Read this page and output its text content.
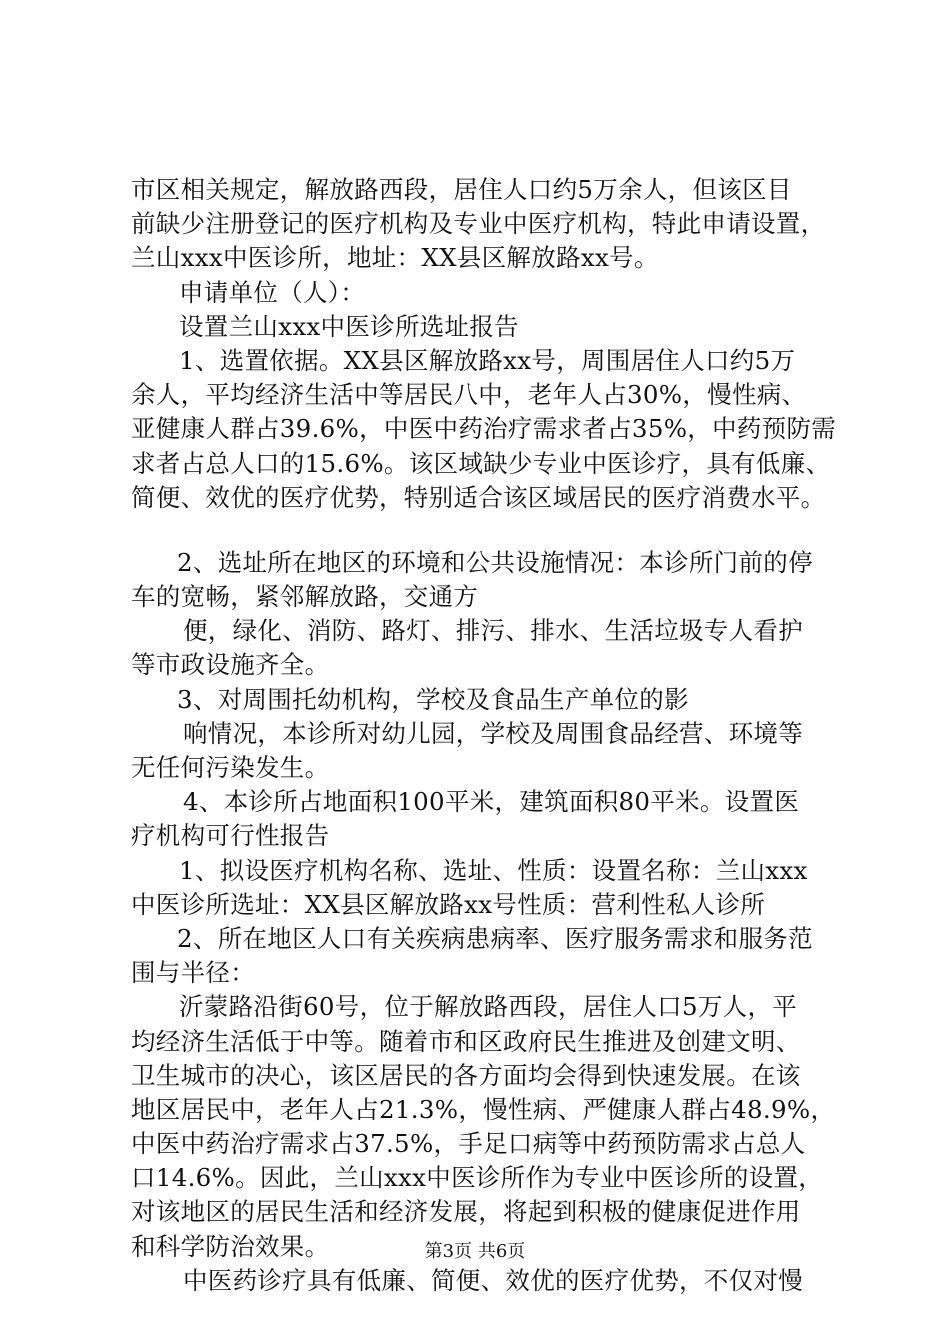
市区相关规定，解放路西段，居住人口约5万余人，但该区目
前缺少注册登记的医疗机构及专业中医疗机构，特此申请设置，
兰山xxx中医诊所，地址：XX县区解放路xx号。
申请单位（人）：
设置兰山xxx中医诊所选址报告
1、选置依据。XX县区解放路xx号，周围居住人口约5万
余人，平均经济生活中等居民八中，老年人占30%，慢性病、
亚健康人群占39.6%，中医中药治疗需求者占35%，中药预防需
求者占总人口的15.6%。该区域缺少专业中医诊疗，具有低廉、
简便、效优的医疗优势，特别适合该区域居民的医疗消费水平。
2、选址所在地区的环境和公共设施情况：本诊所门前的停
车的宽畅，紧邻解放路，交通方
便，绿化、消防、路灯、排污、排水、生活垃圾专人看护
等市政设施齐全。
3、对周围托幼机构，学校及食品生产单位的影
响情况，本诊所对幼儿园，学校及周围食品经营、环境等
无任何污染发生。
4、本诊所占地面积100平米，建筑面积80平米。设置医
疗机构可行性报告
1、拟设医疗机构名称、选址、性质：设置名称：兰山xxx
中医诊所选址：XX县区解放路xx号性质：营利性私人诊所
2、所在地区人口有关疾病患病率、医疗服务需求和服务范
围与半径：
沂蒙路沿街60号，位于解放路西段，居住人口5万人，平
均经济生活低于中等。随着市和区政府民生推进及创建文明、
卫生城市的决心，该区居民的各方面均会得到快速发展。在该
地区居民中，老年人占21.3%，慢性病、严健康人群占48.9%，
中医中药治疗需求占37.5%，手足口病等中药预防需求占总人
口14.6%。因此，兰山xxx中医诊所作为专业中医诊所的设置，
对该地区的居民生活和经济发展，将起到积极的健康促进作用
和科学防治效果。
中医药诊疗具有低廉、简便、效优的医疗优势，不仅对慢
第3页 共6页
